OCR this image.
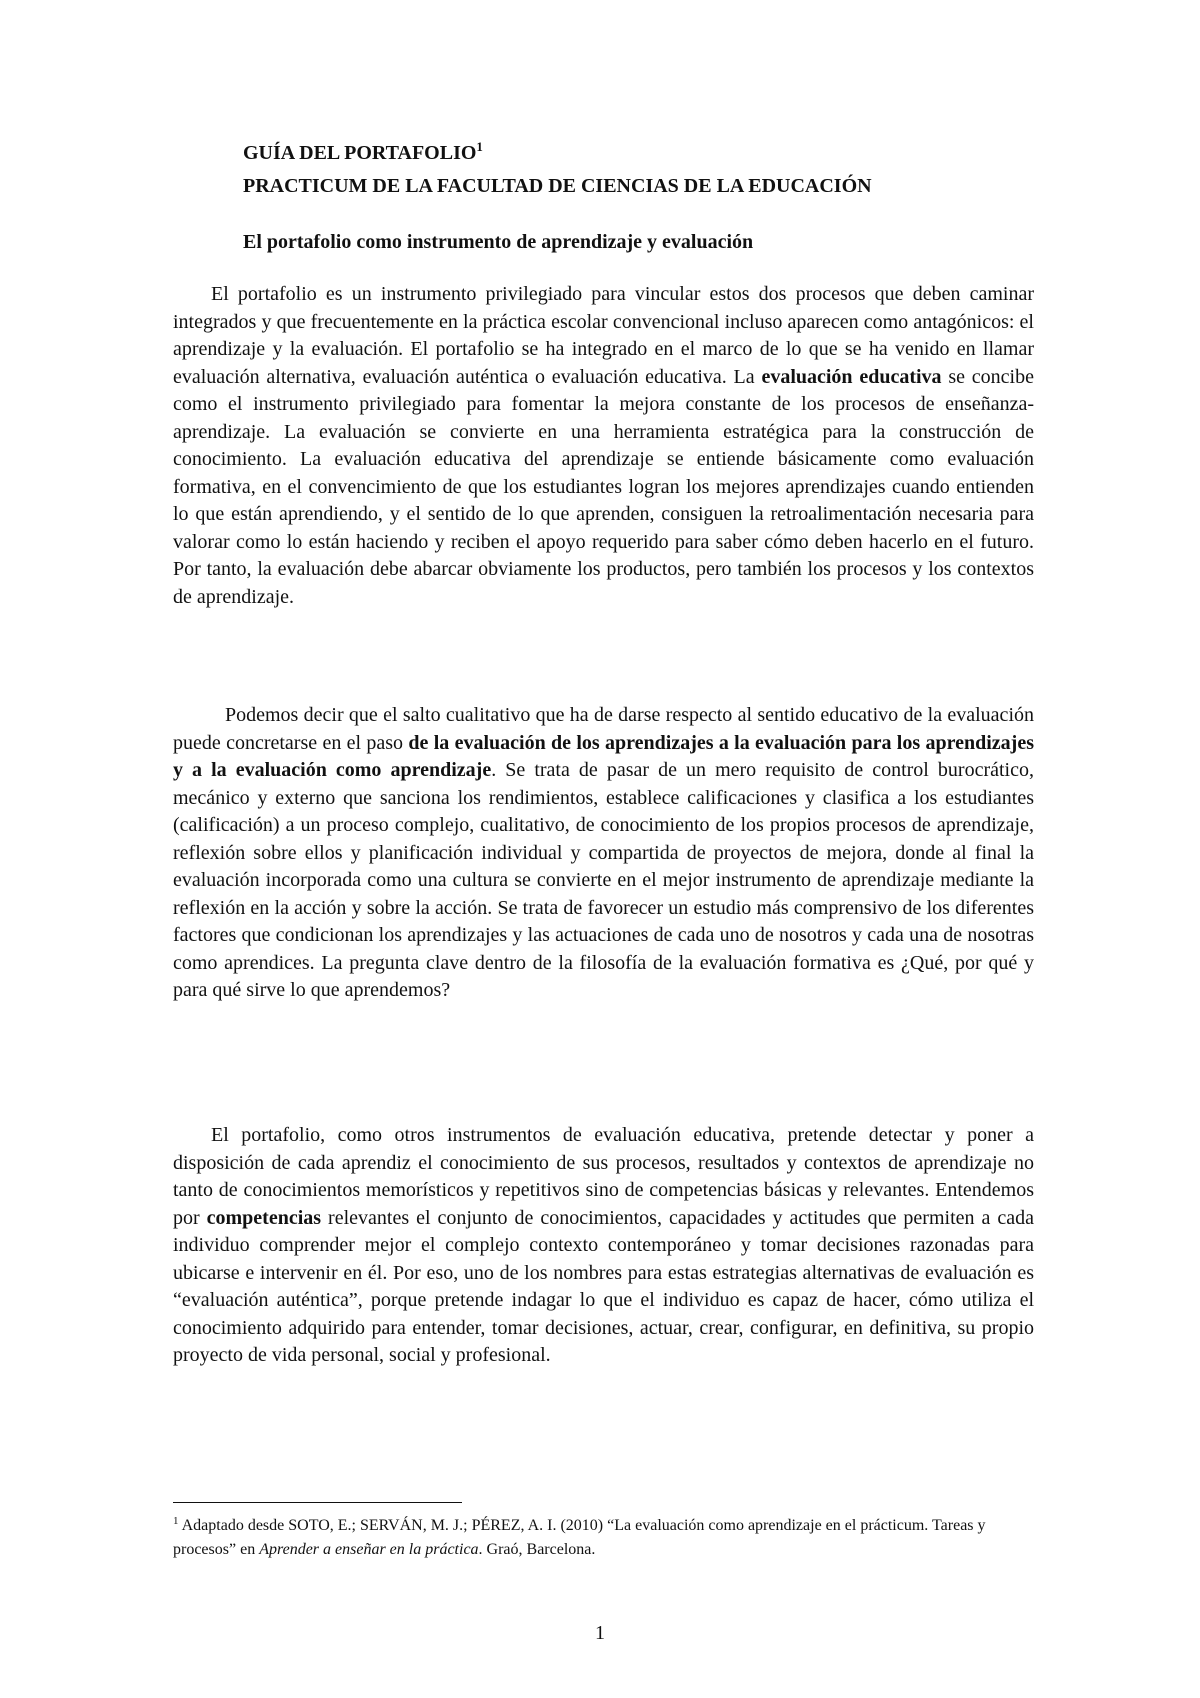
GUÍA DEL PORTAFOLIO$^1$
PRACTICUM DE LA FACULTAD DE CIENCIAS DE LA EDUCACIÓN
El portafolio como instrumento de aprendizaje y evaluación

El portafolio es un instrumento privilegiado para vincular estos dos procesos que deben caminar integrados y que frecuentemente en la práctica escolar convencional incluso aparecen como antagónicos: el aprendizaje y la evaluación. El portafolio se ha integrado en el marco de lo que se ha venido en llamar evaluación alternativa, evaluación auténtica o evaluación educativa. La evaluación educativa se concibe como el instrumento privilegiado para fomentar la mejora constante de los procesos de enseñanza-aprendizaje. La evaluación se convierte en una herramienta estratégica para la construcción de conocimiento. La evaluación educativa del aprendizaje se entiende básicamente como evaluación formativa, en el convencimiento de que los estudiantes logran los mejores aprendizajes cuando entienden lo que están aprendiendo, y el sentido de lo que aprenden, consiguen la retroalimentación necesaria para valorar como lo están haciendo y reciben el apoyo requerido para saber cómo deben hacerlo en el futuro. Por tanto, la evaluación debe abarcar obviamente los productos, pero también los procesos y los contextos de aprendizaje.

Podemos decir que el salto cualitativo que ha de darse respecto al sentido educativo de la evaluación puede concretarse en el paso de la evaluación de los aprendizajes a la evaluación para los aprendizajes y a la evaluación como aprendizaje. Se trata de pasar de un mero requisito de control burocrático, mecánico y externo que sanciona los rendimientos, establece calificaciones y clasifica a los estudiantes (calificación) a un proceso complejo, cualitativo, de conocimiento de los propios procesos de aprendizaje, reflexión sobre ellos y planificación individual y compartida de proyectos de mejora, donde al final la evaluación incorporada como una cultura se convierte en el mejor instrumento de aprendizaje mediante la reflexión en la acción y sobre la acción. Se trata de favorecer un estudio más comprensivo de los diferentes factores que condicionan los aprendizajes y las actuaciones de cada uno de nosotros y cada una de nosotras como aprendices. La pregunta clave dentro de la filosofía de la evaluación formativa es ¿Qué, por qué y para qué sirve lo que aprendemos?

El portafolio, como otros instrumentos de evaluación educativa, pretende detectar y poner a disposición de cada aprendiz el conocimiento de sus procesos, resultados y contextos de aprendizaje no tanto de conocimientos memorísticos y repetitivos sino de competencias básicas y relevantes. Entendemos por competencias relevantes el conjunto de conocimientos, capacidades y actitudes que permiten a cada individuo comprender mejor el complejo contexto contemporáneo y tomar decisiones razonadas para ubicarse e intervenir en él. Por eso, uno de los nombres para estas estrategias alternativas de evaluación es “evaluación auténtica”, porque pretende indagar lo que el individuo es capaz de hacer, cómo utiliza el conocimiento adquirido para entender, tomar decisiones, actuar, crear, configurar, en definitiva, su propio proyecto de vida personal, social y profesional.

$^1$ Adaptado desde SOTO, E.; SERVÁN, M. J.; PÉREZ, A. I. (2010) “La evaluación como aprendizaje en el prácticum. Tareas y procesos” en Aprender a enseñar en la práctica. Graó, Barcelona.

1
